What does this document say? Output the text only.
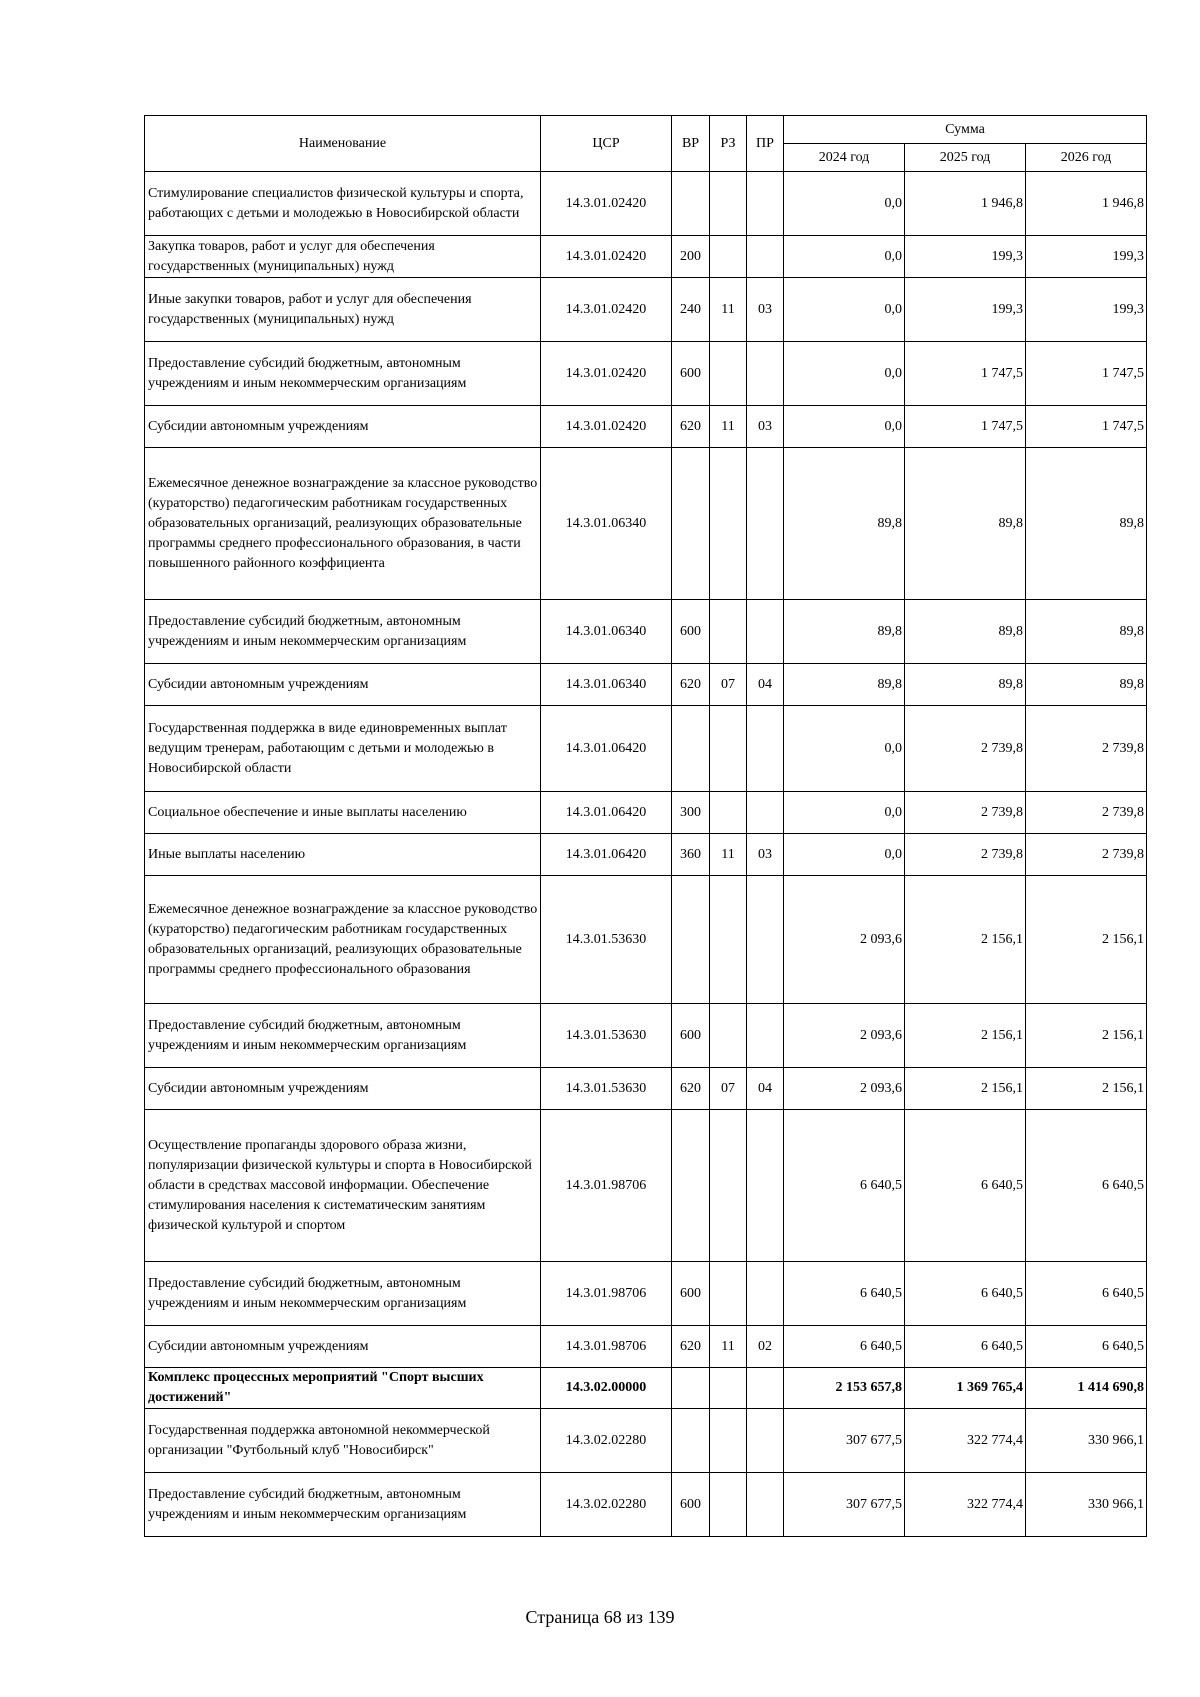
Наименование	ЦСР	ВР	РЗ	ПР	Сумма		
					2024 год	2025 год	2026 год
Стимулирование специалистов физической культуры и спорта, работающих с детьми и молодежью в Новосибирской области	14.3.01.02420				0,0	1 946,8	1 946,8
Закупка товаров, работ и услуг для обеспечения государственных (муниципальных) нужд	14.3.01.02420	200			0,0	199,3	199,3
Иные закупки товаров, работ и услуг для обеспечения государственных (муниципальных) нужд	14.3.01.02420	240	11	03	0,0	199,3	199,3
Предоставление субсидий бюджетным, автономным учреждениям и иным некоммерческим организациям	14.3.01.02420	600			0,0	1 747,5	1 747,5
Субсидии автономным учреждениям	14.3.01.02420	620	11	03	0,0	1 747,5	1 747,5
Ежемесячное денежное вознаграждение за классное руководство (кураторство) педагогическим работникам государственных образовательных организаций, реализующих образовательные программы среднего профессионального образования, в части повышенного районного коэффициента	14.3.01.06340				89,8	89,8	89,8
Предоставление субсидий бюджетным, автономным учреждениям и иным некоммерческим организациям	14.3.01.06340	600			89,8	89,8	89,8
Субсидии автономным учреждениям	14.3.01.06340	620	07	04	89,8	89,8	89,8
Государственная поддержка в виде единовременных выплат ведущим тренерам, работающим с детьми и молодежью в Новосибирской области	14.3.01.06420				0,0	2 739,8	2 739,8
Социальное обеспечение и иные выплаты населению	14.3.01.06420	300			0,0	2 739,8	2 739,8
Иные выплаты населению	14.3.01.06420	360	11	03	0,0	2 739,8	2 739,8
Ежемесячное денежное вознаграждение за классное руководство (кураторство) педагогическим работникам государственных образовательных организаций, реализующих образовательные программы среднего профессионального образования	14.3.01.53630				2 093,6	2 156,1	2 156,1
Предоставление субсидий бюджетным, автономным учреждениям и иным некоммерческим организациям	14.3.01.53630	600			2 093,6	2 156,1	2 156,1
Субсидии автономным учреждениям	14.3.01.53630	620	07	04	2 093,6	2 156,1	2 156,1
Осуществление пропаганды здорового образа жизни, популяризации физической культуры и спорта в Новосибирской области в средствах массовой информации. Обеспечение стимулирования населения к систематическим занятиям физической культурой и спортом	14.3.01.98706				6 640,5	6 640,5	6 640,5
Предоставление субсидий бюджетным, автономным учреждениям и иным некоммерческим организациям	14.3.01.98706	600			6 640,5	6 640,5	6 640,5
Субсидии автономным учреждениям	14.3.01.98706	620	11	02	6 640,5	6 640,5	6 640,5
Комплекс процессных мероприятий "Спорт высших достижений"	14.3.02.00000				2 153 657,8	1 369 765,4	1 414 690,8
Государственная поддержка автономной некоммерческой организации "Футбольный клуб "Новосибирск"	14.3.02.02280				307 677,5	322 774,4	330 966,1
Предоставление субсидий бюджетным, автономным учреждениям и иным некоммерческим организациям	14.3.02.02280	600			307 677,5	322 774,4	330 966,1
Страница 68 из 139
